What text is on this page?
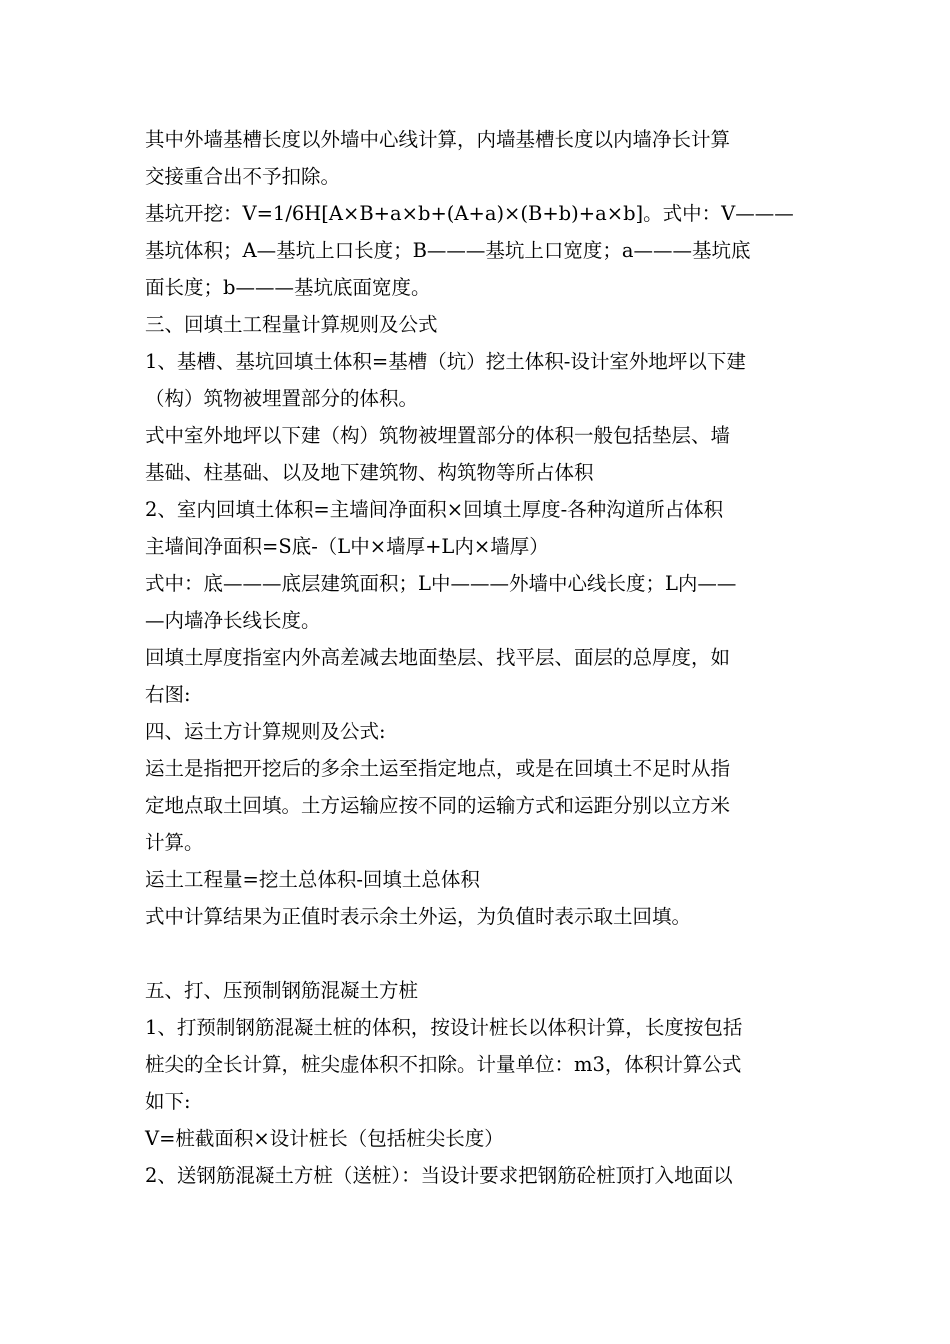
其中外墙基槽长度以外墙中心线计算，内墙基槽长度以内墙净长计算
交接重合出不予扣除。
基坑开挖：V=1/6H[A×B+a×b+(A+a)×(B+b)+a×b]。式中：V———
基坑体积；A—基坑上口长度；B———基坑上口宽度；a———基坑底
面长度；b———基坑底面宽度。
三、回填土工程量计算规则及公式
1、基槽、基坑回填土体积=基槽（坑）挖土体积-设计室外地坪以下建
（构）筑物被埋置部分的体积。
式中室外地坪以下建（构）筑物被埋置部分的体积一般包括垫层、墙
基础、柱基础、以及地下建筑物、构筑物等所占体积
2、室内回填土体积=主墙间净面积×回填土厚度-各种沟道所占体积
主墙间净面积=S底-（L中×墙厚+L内×墙厚）
式中：底———底层建筑面积；L中———外墙中心线长度；L内——
—内墙净长线长度。
回填土厚度指室内外高差减去地面垫层、找平层、面层的总厚度，如
右图:
四、运土方计算规则及公式:
运土是指把开挖后的多余土运至指定地点，或是在回填土不足时从指
定地点取土回填。土方运输应按不同的运输方式和运距分别以立方米
计算。
运土工程量=挖土总体积-回填土总体积
式中计算结果为正值时表示余土外运，为负值时表示取土回填。
五、打、压预制钢筋混凝土方桩
1、打预制钢筋混凝土桩的体积，按设计桩长以体积计算，长度按包括
桩尖的全长计算，桩尖虚体积不扣除。计量单位：m3，体积计算公式
如下:
V=桩截面积×设计桩长（包括桩尖长度）
2、送钢筋混凝土方桩（送桩）：当设计要求把钢筋砼桩顶打入地面以
